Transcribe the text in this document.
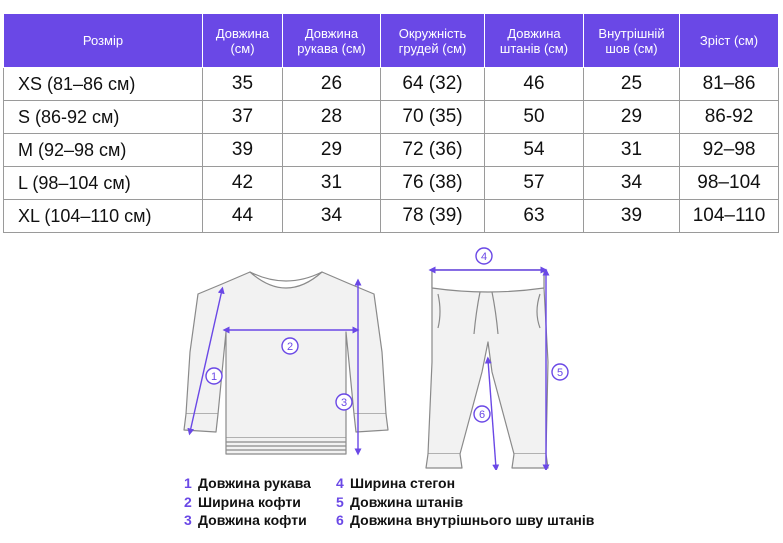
Розмір	Довжина (см)	Довжина рукава (см)	Окружність грудей (см)	Довжина штанів (см)	Внутрішній шов (см)	Зріст (см)
XS (81–86 см)	35	26	64 (32)	46	25	81–86
S (86-92 см)	37	28	70 (35)	50	29	86-92
M (92–98 см)	39	29	72 (36)	54	31	92–98
L (98–104 см)	42	31	76 (38)	57	34	98–104
XL (104–110 см)	44	34	78 (39)	63	39	104–110
1
2
3
4
5
6
1 Довжина рукава
2 Ширина кофти
3 Довжина кофти
4 Ширина стегон
5 Довжина штанів
6 Довжина внутрішнього шву штанів
